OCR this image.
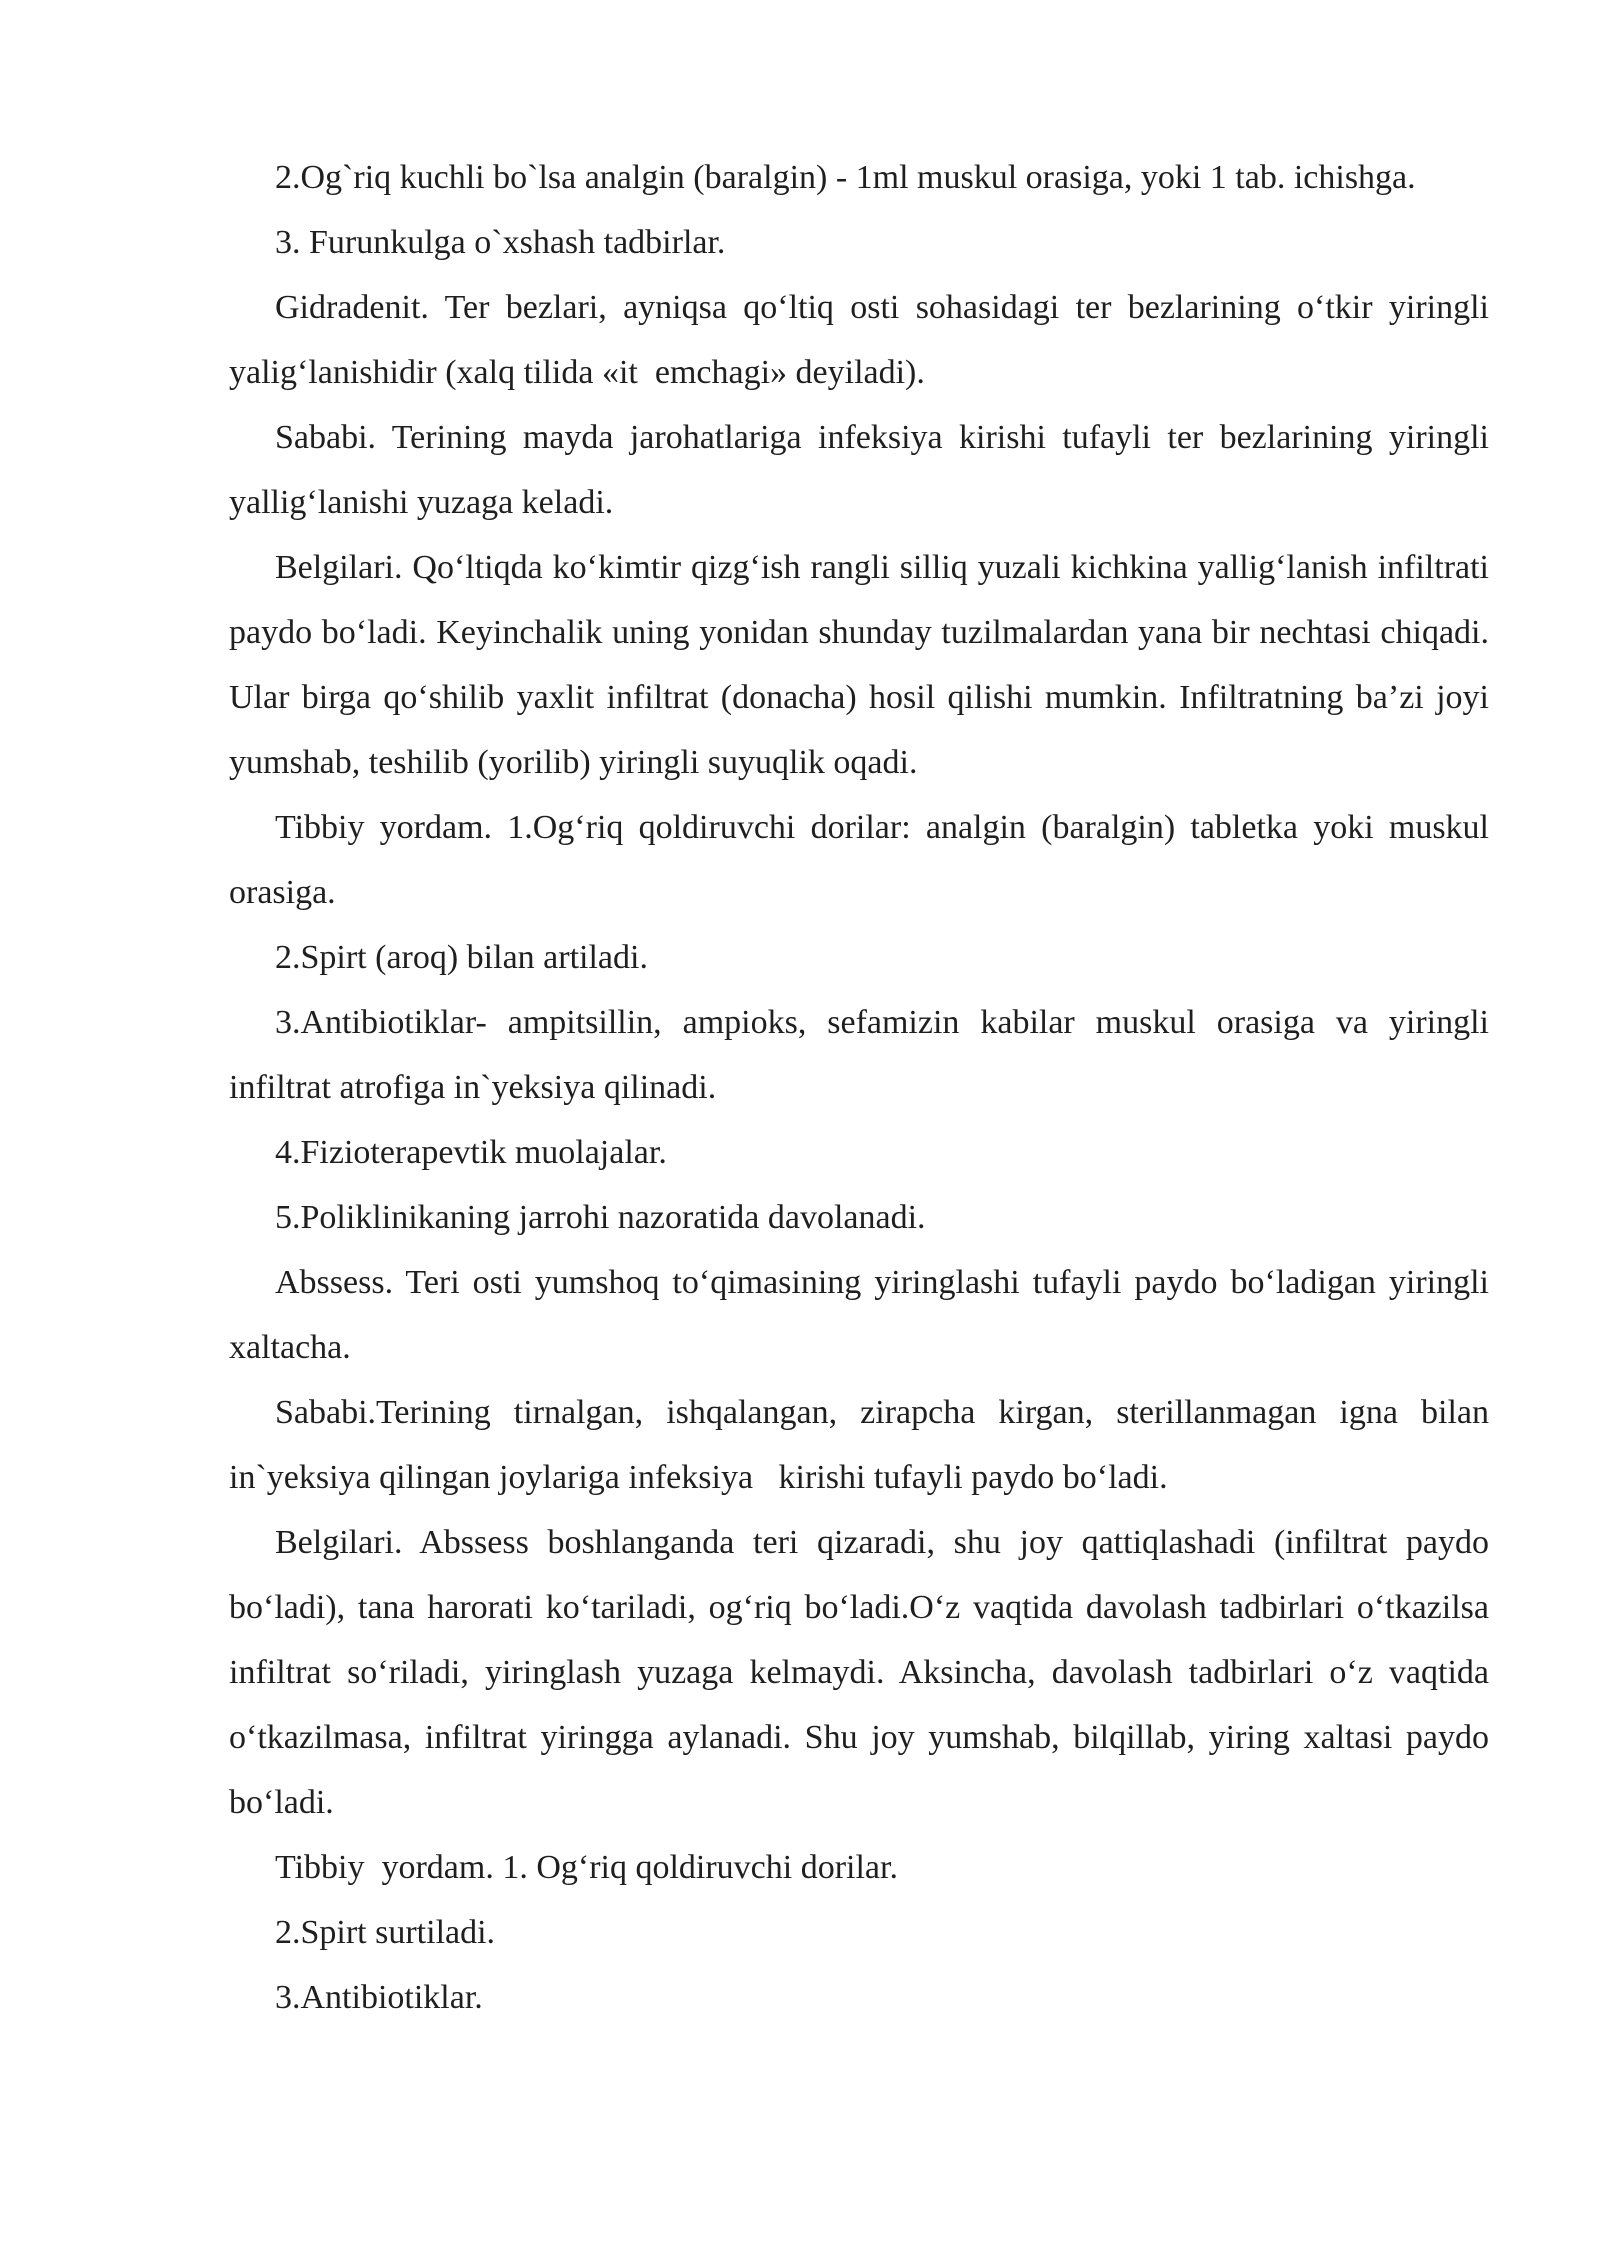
2.Og`riq kuchli bo`lsa analgin (baralgin) - 1ml muskul orasiga, yoki 1 tab. ichishga.

3. Furunkulga o`xshash tadbirlar.

Gidradenit. Ter bezlari, ayniqsa qo‘ltiq osti sohasidagi ter bezlarining o‘tkir yiringli yalig‘lanishidir (xalq tilida «it  emchagi» deyiladi).

Sababi. Terining mayda jarohatlariga infeksiya kirishi tufayli ter bezlarining yiringli yallig‘lanishi yuzaga keladi.

Belgilari. Qo‘ltiqda ko‘kimtir qizg‘ish rangli silliq yuzali kichkina yallig‘lanish infiltrati paydo bo‘ladi. Keyinchalik uning yonidan shunday tuzilmalardan yana bir nechtasi chiqadi. Ular birga qo‘shilib yaxlit infiltrat (donacha) hosil qilishi mumkin. Infiltratning ba’zi joyi yumshab, teshilib (yorilib) yiringli suyuqlik oqadi.

Tibbiy yordam. 1.Og‘riq qoldiruvchi dorilar: analgin (baralgin) tabletka yoki muskul orasiga.

2.Spirt (aroq) bilan artiladi.

3.Antibiotiklar- ampitsillin, ampioks, sefamizin kabilar muskul orasiga va yiringli infiltrat atrofiga in`yeksiya qilinadi.

4.Fizioterapevtik muolajalar.

5.Poliklinikaning jarrohi nazoratida davolanadi.

Abssess. Teri osti yumshoq to‘qimasining yiringlashi tufayli paydo bo‘ladigan yiringli  xaltacha.

Sababi.Terining tirnalgan, ishqalangan, zirapcha kirgan, sterillanmagan igna bilan in`yeksiya qilingan joylariga infeksiya   kirishi tufayli paydo bo‘ladi.

Belgilari. Abssess boshlanganda teri qizaradi, shu joy qattiqlashadi (infiltrat paydo bo‘ladi), tana harorati ko‘tariladi, og‘riq bo‘ladi.O‘z vaqtida davolash tadbirlari o‘tkazilsa infiltrat so‘riladi, yiringlash yuzaga kelmaydi. Aksincha, davolash tadbirlari o‘z vaqtida o‘tkazilmasa, infiltrat yiringga aylanadi. Shu joy yumshab, bilqillab, yiring xaltasi paydo bo‘ladi.

Tibbiy  yordam. 1. Og‘riq qoldiruvchi dorilar.

2.Spirt surtiladi.

3.Antibiotiklar.
